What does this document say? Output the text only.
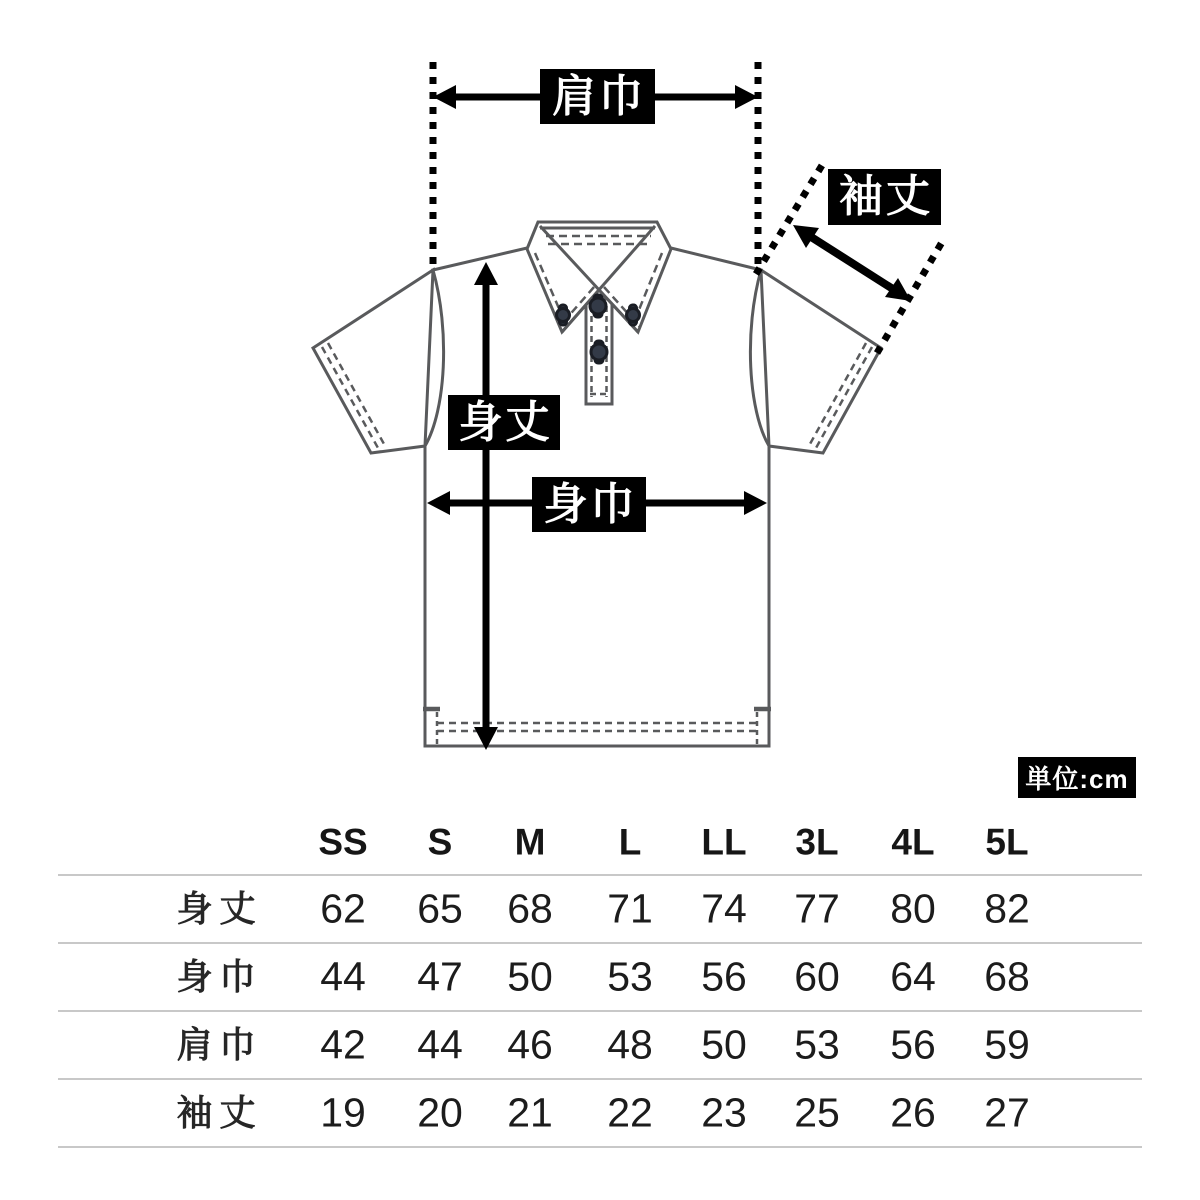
肩巾
袖丈
身丈
身巾
単位:cm
SS S M L LL 3L 4L 5L
身丈 62 65 68 71 74 77 80 82
身巾 44 47 50 53 56 60 64 68
肩巾 42 44 46 48 50 53 56 59
袖丈 19 20 21 22 23 25 26 27
